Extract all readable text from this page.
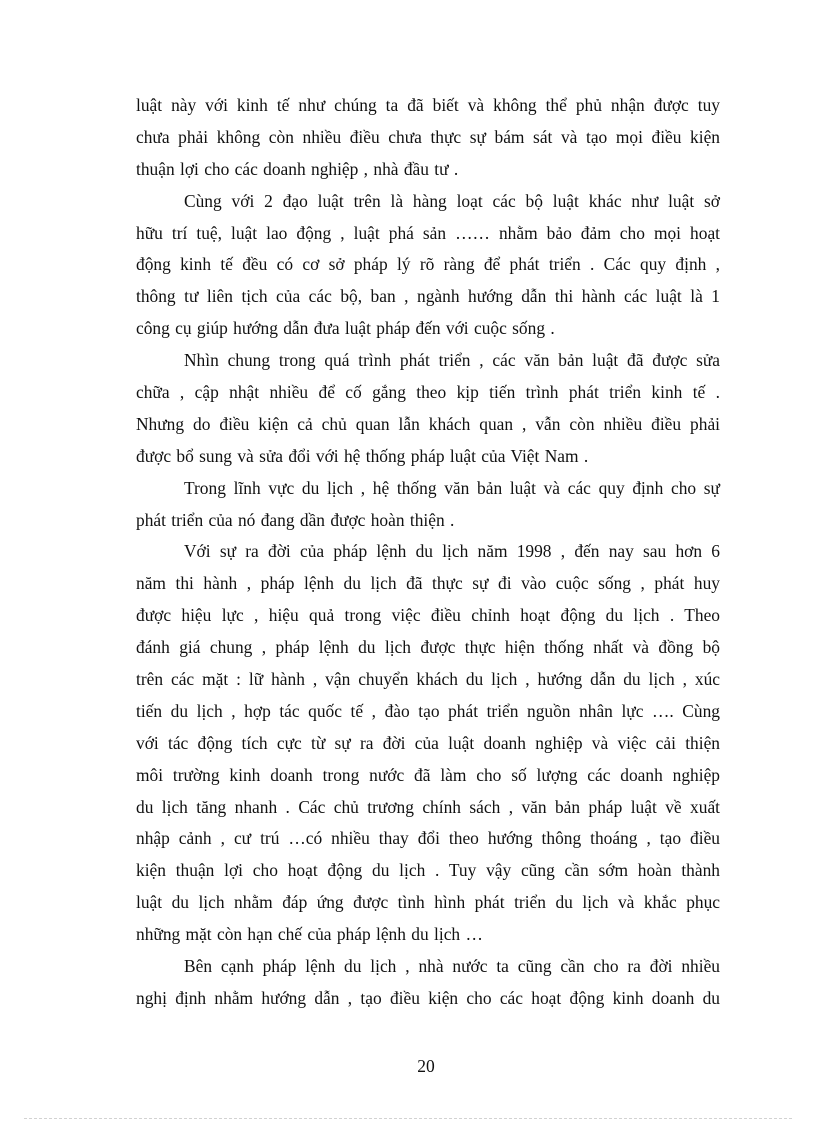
luật này với kinh tế như chúng ta đã biết và không thể phủ nhận được tuy
chưa phải không còn nhiều điều chưa thực sự bám sát và tạo mọi điều kiện
thuận lợi cho các doanh nghiệp , nhà đầu tư .
Cùng với 2 đạo luật trên là hàng loạt các bộ luật khác như luật sở
hữu trí tuệ, luật lao động , luật phá sản …… nhằm bảo đảm cho mọi hoạt
động kinh tế đều có cơ sở pháp lý rõ ràng để phát triển . Các quy định ,
thông tư liên tịch của các bộ, ban , ngành hướng dẫn thi hành các luật là 1
công cụ giúp hướng dẫn đưa luật pháp đến với cuộc sống .
Nhìn chung trong quá trình phát triển , các văn bản luật đã được sửa
chữa , cập nhật nhiều để cố gắng theo kịp tiến trình phát triển kinh tế .
Nhưng do điều kiện cả chủ quan lẫn khách quan , vẫn còn nhiều điều phải
được bổ sung và sửa đổi với hệ thống pháp luật của Việt Nam .
Trong lĩnh vực du lịch , hệ thống văn bản luật và các quy định cho sự
phát triển của nó đang dần được hoàn thiện .
Với sự ra đời của pháp lệnh du lịch năm 1998 , đến nay sau hơn 6
năm thi hành , pháp lệnh du lịch đã thực sự đi vào cuộc sống , phát huy
được hiệu lực , hiệu quả trong việc điều chỉnh hoạt động du lịch . Theo
đánh giá chung , pháp lệnh du lịch được thực hiện thống nhất và đồng bộ
trên các mặt : lữ hành , vận chuyển khách du lịch , hướng dẫn du lịch , xúc
tiến du lịch , hợp tác quốc tế , đào tạo phát triển nguồn nhân lực …. Cùng
với tác động tích cực từ sự ra đời của luật doanh nghiệp và việc cải thiện
môi trường kinh doanh trong nước đã làm cho số lượng các doanh nghiệp
du lịch tăng nhanh . Các chủ trương chính sách , văn bản pháp luật về xuất
nhập cảnh , cư trú …có nhiều thay đổi theo hướng thông thoáng , tạo điều
kiện thuận lợi cho hoạt động du lịch . Tuy vậy cũng cần sớm hoàn thành
luật du lịch nhằm đáp ứng được tình hình phát triển du lịch và khắc phục
những mặt còn hạn chế của pháp lệnh du lịch …
Bên cạnh pháp lệnh du lịch , nhà nước ta cũng cần cho ra đời nhiều
nghị định nhằm hướng dẫn , tạo điều kiện cho các hoạt động kinh doanh du
20
